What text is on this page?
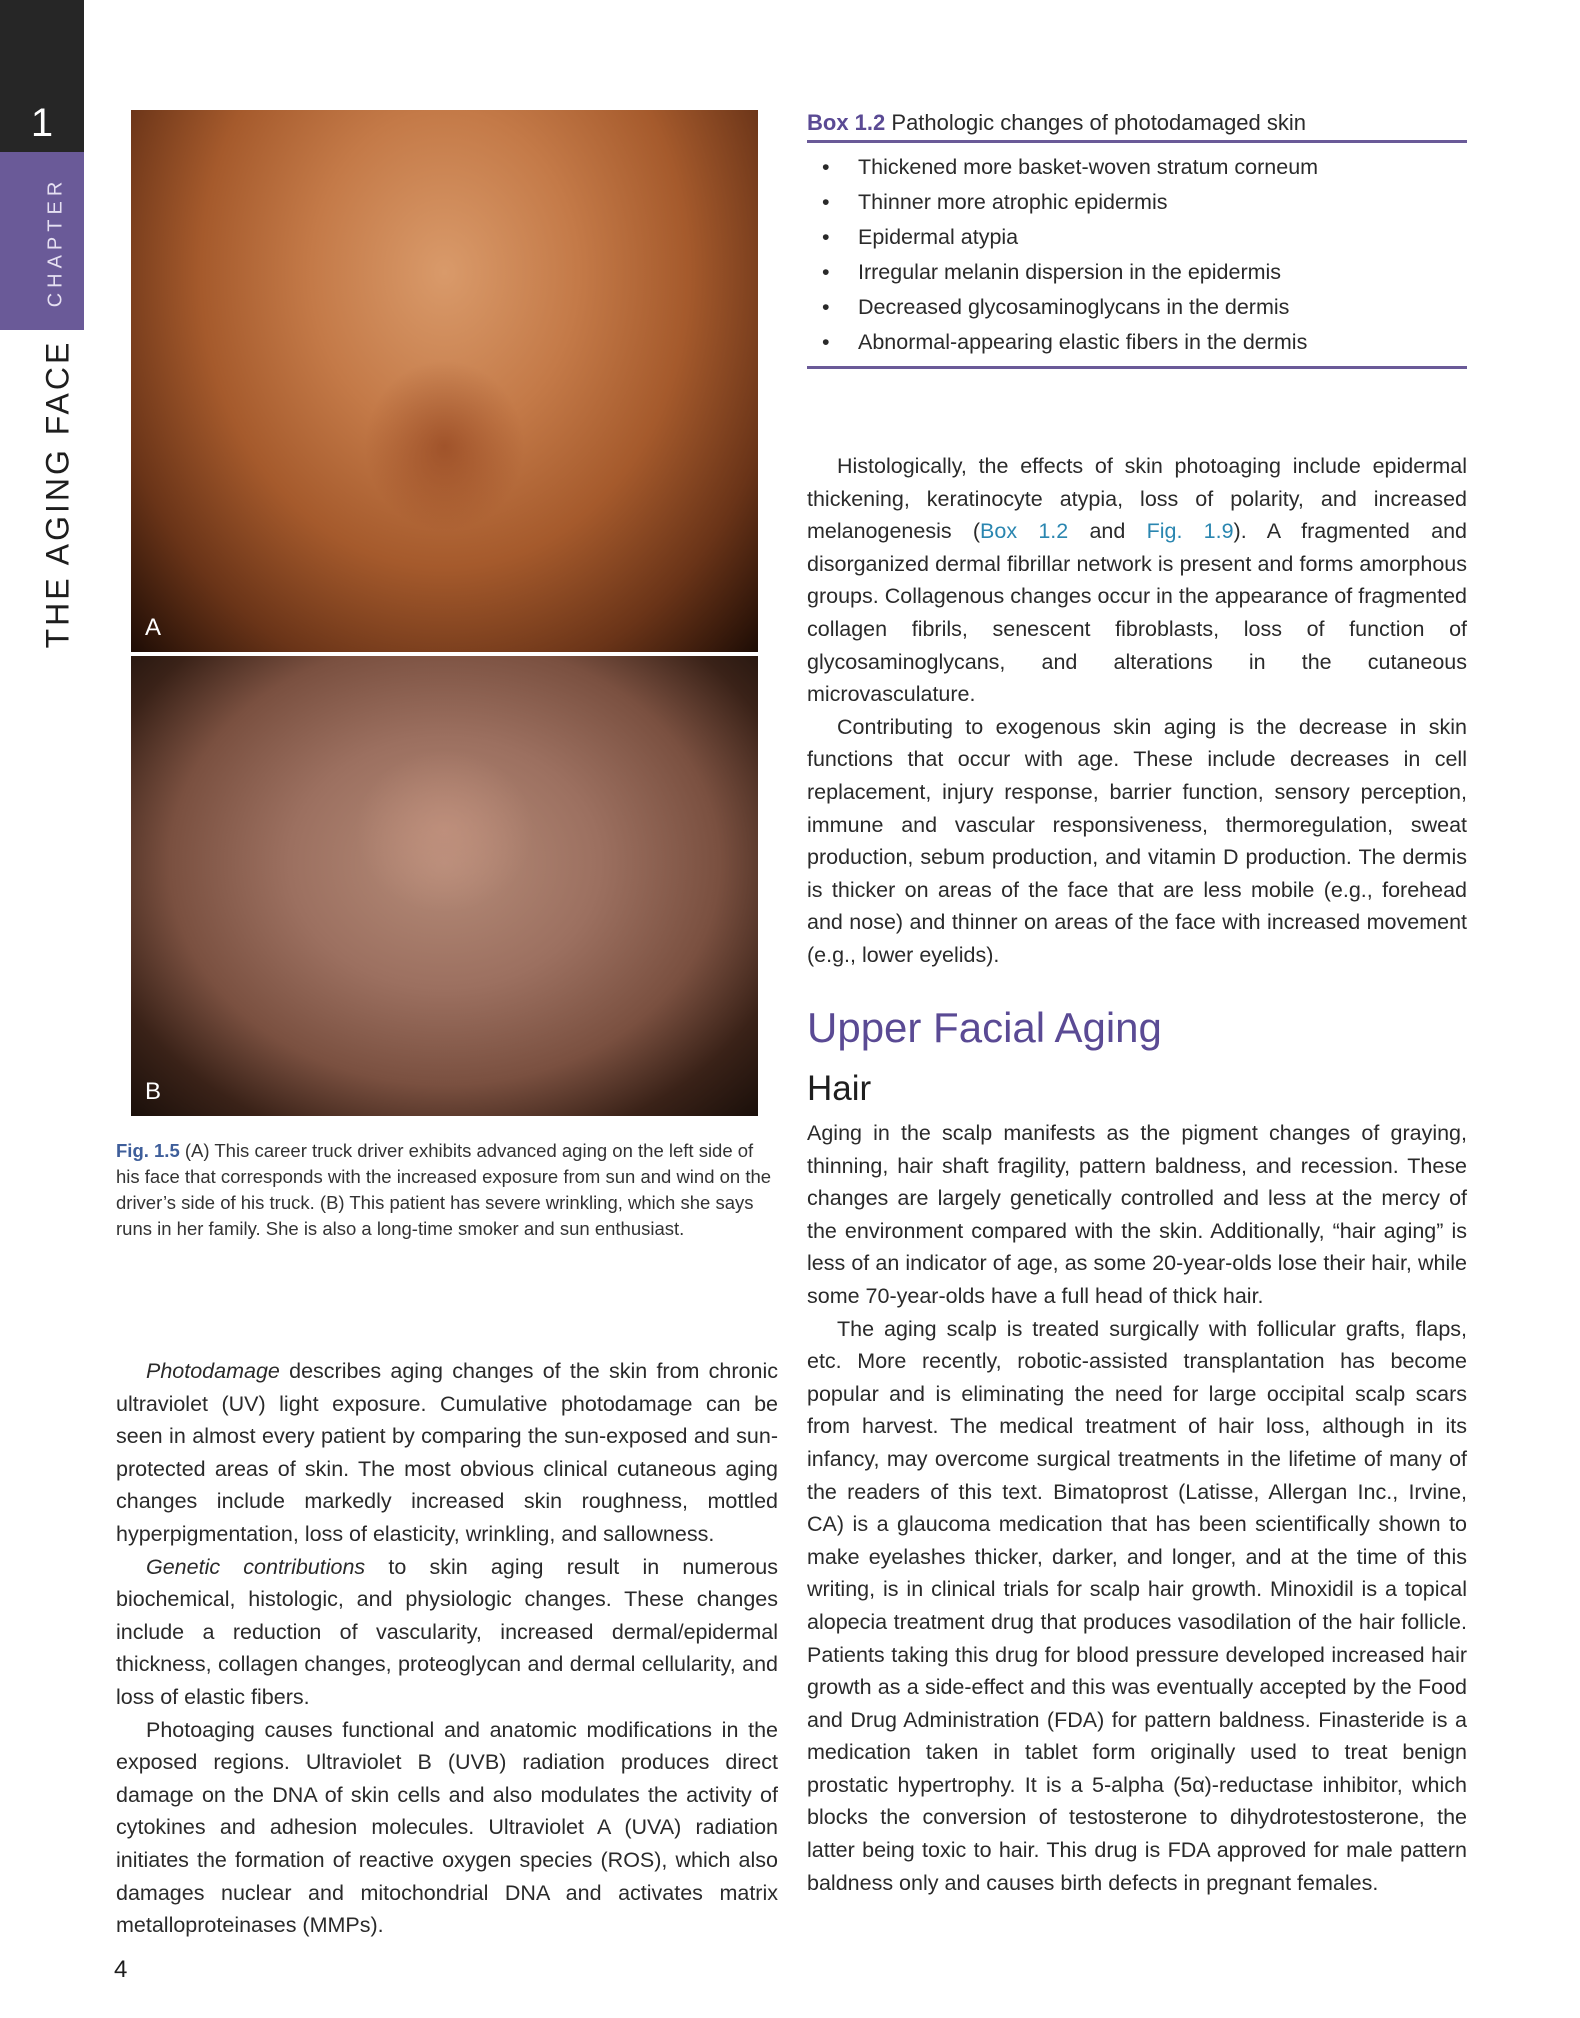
1
CHAPTER
THE AGING FACE	A
B
Fig. 1.5 (A) This career truck driver exhibits advanced aging on the left side of his face that corresponds with the increased exposure from sun and wind on the driver’s side of his truck. (B) This patient has severe wrinkling, which she says runs in her family. She is also a long-time smoker and sun enthusiast.
Box 1.2 Pathologic changes of photodamaged skin
• Thickened more basket-woven stratum corneum
• Thinner more atrophic epidermis
• Epidermal atypia
• Irregular melanin dispersion in the epidermis
• Decreased glycosaminoglycans in the dermis
• Abnormal-appearing elastic fibers in the dermis

Histologically, the effects of skin photoaging include epidermal thickening, keratinocyte atypia, loss of polarity, and increased melanogenesis (Box 1.2 and Fig. 1.9). A fragmented and disorganized dermal fibrillar network is present and forms amorphous groups. Collagenous changes occur in the appearance of fragmented collagen fibrils, senescent fibroblasts, loss of function of glycosaminoglycans, and alterations in the cutaneous microvasculature.

Contributing to exogenous skin aging is the decrease in skin functions that occur with age. These include decreases in cell replacement, injury response, barrier function, sensory perception, immune and vascular responsiveness, thermoregulation, sweat production, sebum production, and vitamin D production. The dermis is thicker on areas of the face that are less mobile (e.g., forehead and nose) and thinner on areas of the face with increased movement (e.g., lower eyelids).

Upper Facial Aging
Hair

Aging in the scalp manifests as the pigment changes of graying, thinning, hair shaft fragility, pattern baldness, and recession. These changes are largely genetically controlled and less at the mercy of the environment compared with the skin. Additionally, “hair aging” is less of an indicator of age, as some 20-year-olds lose their hair, while some 70-year-olds have a full head of thick hair.

The aging scalp is treated surgically with follicular grafts, flaps, etc. More recently, robotic-assisted transplantation has become popular and is eliminating the need for large occipital scalp scars from harvest. The medical treatment of hair loss, although in its infancy, may overcome surgical treatments in the lifetime of many of the readers of this text. Bimatoprost (Latisse, Allergan Inc., Irvine, CA) is a glaucoma medication that has been scientifically shown to make eyelashes thicker, darker, and longer, and at the time of this writing, is in clinical trials for scalp hair growth. Minoxidil is a topical alopecia treatment drug that produces vasodilation of the hair follicle. Patients taking this drug for blood pressure developed increased hair growth as a side-effect and this was eventually accepted by the Food and Drug Administration (FDA) for pattern baldness. Finasteride is a medication taken in tablet form originally used to treat benign prostatic hypertrophy. It is a 5-alpha (5α)-reductase inhibitor, which blocks the conversion of testosterone to dihydrotestosterone, the latter being toxic to hair. This drug is FDA approved for male pattern baldness only and causes birth defects in pregnant females.

Photodamage describes aging changes of the skin from chronic ultraviolet (UV) light exposure. Cumulative photodamage can be seen in almost every patient by comparing the sun-exposed and sun-protected areas of skin. The most obvious clinical cutaneous aging changes include markedly increased skin roughness, mottled hyperpigmentation, loss of elasticity, wrinkling, and sallowness.

Genetic contributions to skin aging result in numerous biochemical, histologic, and physiologic changes. These changes include a reduction of vascularity, increased dermal/epidermal thickness, collagen changes, proteoglycan and dermal cellularity, and loss of elastic fibers.

Photoaging causes functional and anatomic modifications in the exposed regions. Ultraviolet B (UVB) radiation produces direct damage on the DNA of skin cells and also modulates the activity of cytokines and adhesion molecules. Ultraviolet A (UVA) radiation initiates the formation of reactive oxygen species (ROS), which also damages nuclear and mitochondrial DNA and activates matrix metalloproteinases (MMPs).

4
